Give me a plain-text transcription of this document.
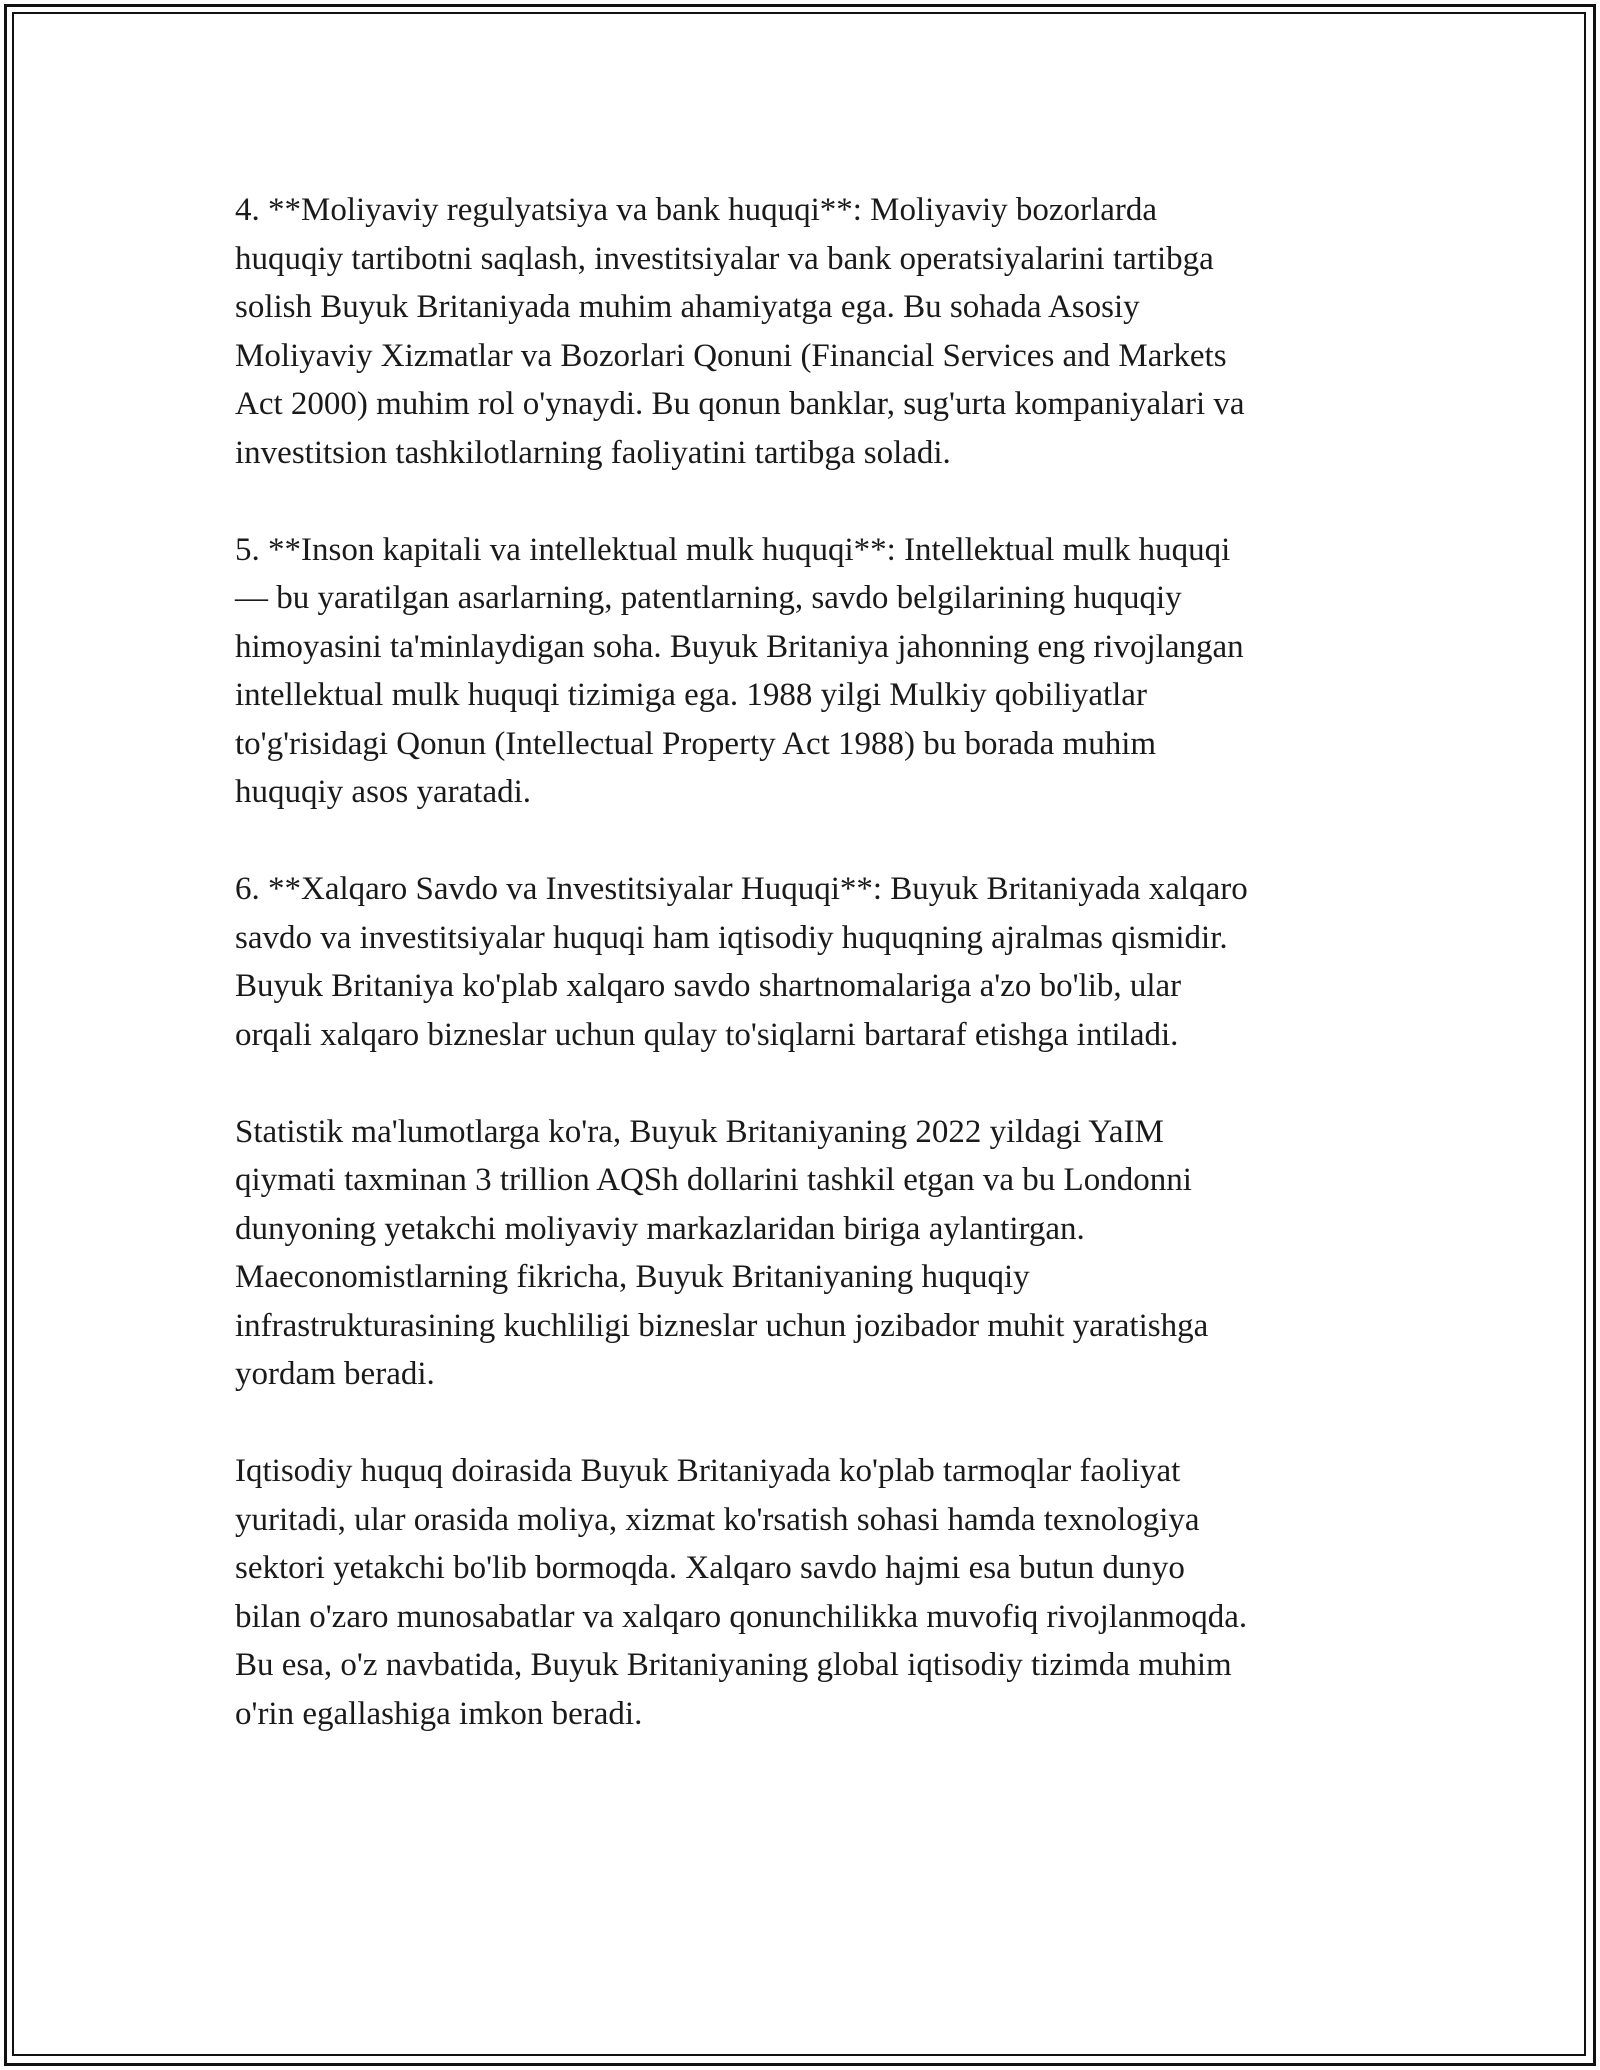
4. **Moliyaviy regulyatsiya va bank huquqi**: Moliyaviy bozorlarda
huquqiy tartibotni saqlash, investitsiyalar va bank operatsiyalarini tartibga
solish Buyuk Britaniyada muhim ahamiyatga ega. Bu sohada Asosiy
Moliyaviy Xizmatlar va Bozorlari Qonuni (Financial Services and Markets
Act 2000) muhim rol o'ynaydi. Bu qonun banklar, sug'urta kompaniyalari va
investitsion tashkilotlarning faoliyatini tartibga soladi.

5. **Inson kapitali va intellektual mulk huquqi**: Intellektual mulk huquqi
— bu yaratilgan asarlarning, patentlarning, savdo belgilarining huquqiy
himoyasini ta'minlaydigan soha. Buyuk Britaniya jahonning eng rivojlangan
intellektual mulk huquqi tizimiga ega. 1988 yilgi Mulkiy qobiliyatlar
to'g'risidagi Qonun (Intellectual Property Act 1988) bu borada muhim
huquqiy asos yaratadi.

6. **Xalqaro Savdo va Investitsiyalar Huquqi**: Buyuk Britaniyada xalqaro
savdo va investitsiyalar huquqi ham iqtisodiy huquqning ajralmas qismidir.
Buyuk Britaniya ko'plab xalqaro savdo shartnomalariga a'zo bo'lib, ular
orqali xalqaro bizneslar uchun qulay to'siqlarni bartaraf etishga intiladi.

Statistik ma'lumotlarga ko'ra, Buyuk Britaniyaning 2022 yildagi YaIM
qiymati taxminan 3 trillion AQSh dollarini tashkil etgan va bu Londonni
dunyoning yetakchi moliyaviy markazlaridan biriga aylantirgan.
Maeconomistlarning fikricha, Buyuk Britaniyaning huquqiy
infrastrukturasining kuchliligi bizneslar uchun jozibador muhit yaratishga
yordam beradi.

Iqtisodiy huquq doirasida Buyuk Britaniyada ko'plab tarmoqlar faoliyat
yuritadi, ular orasida moliya, xizmat ko'rsatish sohasi hamda texnologiya
sektori yetakchi bo'lib bormoqda. Xalqaro savdo hajmi esa butun dunyo
bilan o'zaro munosabatlar va xalqaro qonunchilikka muvofiq rivojlanmoqda.
Bu esa, o'z navbatida, Buyuk Britaniyaning global iqtisodiy tizimda muhim
o'rin egallashiga imkon beradi.
